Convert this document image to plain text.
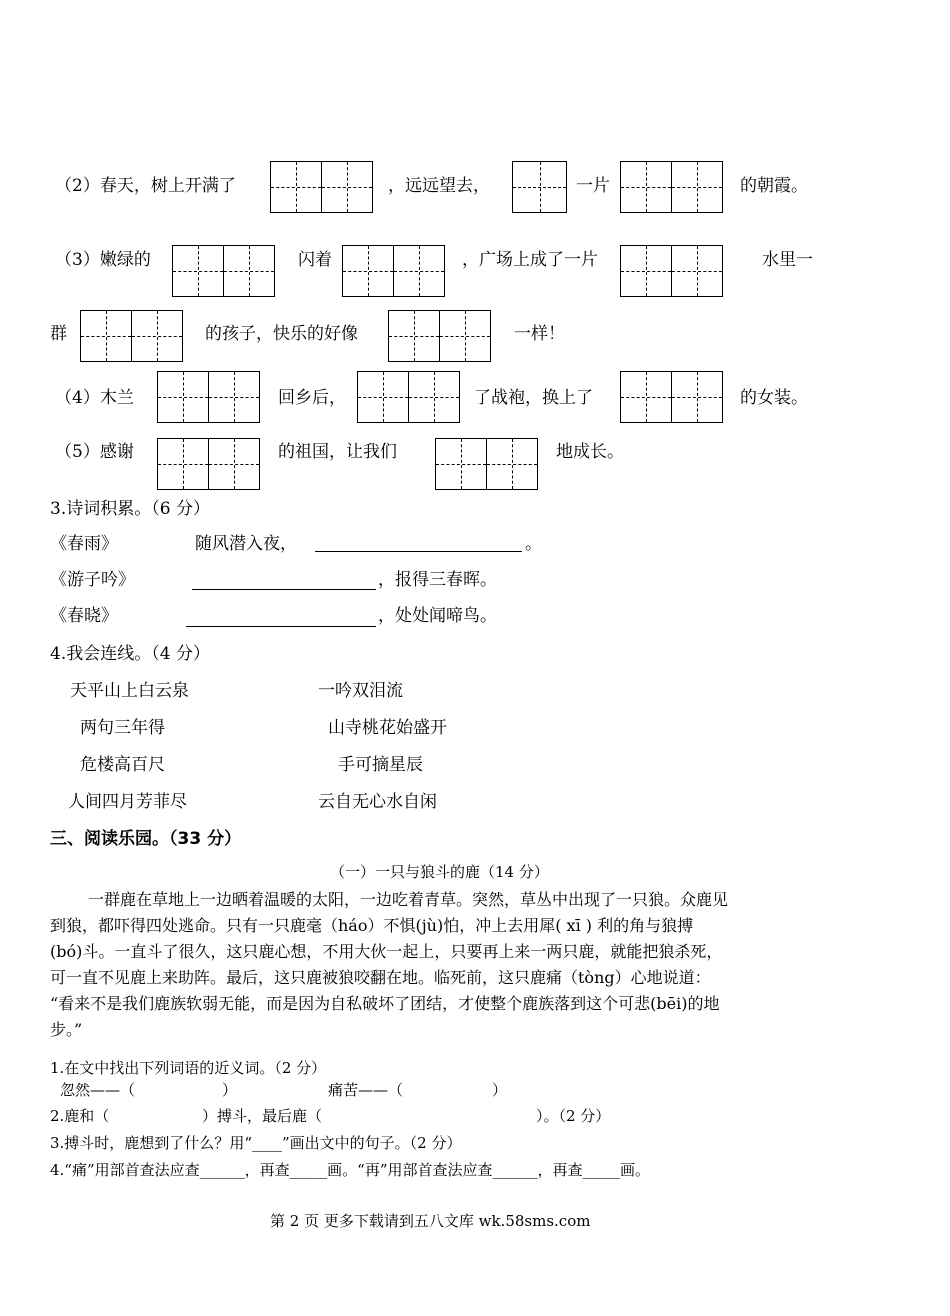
（2）春天，树上开满了	，远远望去，	一片	的朝霞。
（3）嫩绿的	闪着	，广场上成了一片	水里一
群	的孩子，快乐的好像	一样！
（4）木兰	回乡后，	了战袍，换上了	的女装。
（5）感谢	的祖国，让我们	地成长。
3.诗词积累。（6 分）
《春雨》	随风潜入夜，	。
《游子吟》	，报得三春晖。
《春晓》	，处处闻啼鸟。
4.我会连线。（4 分）
天平山上白云泉
两句三年得
危楼高百尺
人间四月芳菲尽
一吟双泪流
山寺桃花始盛开
手可摘星辰
云自无心水自闲
三、阅读乐园。（33 分）
（一）一只与狼斗的鹿（14 分）
一群鹿在草地上一边晒着温暖的太阳，一边吃着青草。突然，草丛中出现了一只狼。众鹿见
到狼，都吓得四处逃命。只有一只鹿毫（háo）不惧(jù)怕，冲上去用犀( xī ) 利的角与狼搏
(bó)斗。一直斗了很久，这只鹿心想，不用大伙一起上，只要再上来一两只鹿，就能把狼杀死，
可一直不见鹿上来助阵。最后，这只鹿被狼咬翻在地。临死前，这只鹿痛（tòng）心地说道：
“看来不是我们鹿族软弱无能，而是因为自私破坏了团结，才使整个鹿族落到这个可悲(bēi)的地
步。”
1.在文中找出下列词语的近义词。（2 分）
忽然——（	）	痛苦——（	）
2.鹿和（	）搏斗，最后鹿（	）。（2 分）
3.搏斗时，鹿想到了什么？用“____”画出文中的句子。（2 分）
4.“痛”用部首查法应查______，再查_____画。“再”用部首查法应查______，再查_____画。
第 2 页 更多下载请到五八文库 wk.58sms.com
